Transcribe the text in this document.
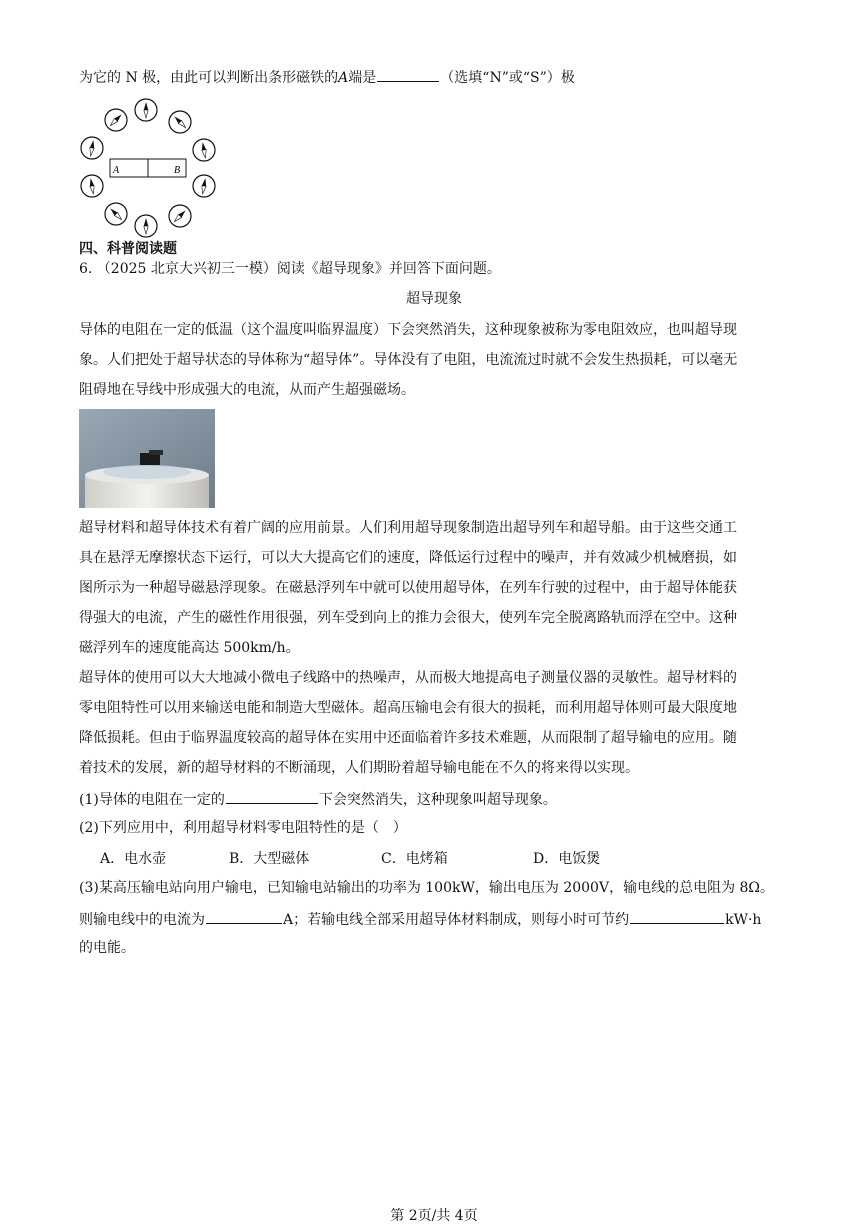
为它的 N 极，由此可以判断出条形磁铁的A端是	（选填“N”或“S”）极
A	B
四、科普阅读题
6. （2025 北京大兴初三一模）阅读《超导现象》并回答下面问题。
超导现象
导体的电阻在一定的低温（这个温度叫临界温度）下会突然消失，这种现象被称为零电阻效应，也叫超导现
象。人们把处于超导状态的导体称为“超导体”。导体没有了电阻，电流流过时就不会发生热损耗，可以毫无
阻碍地在导线中形成强大的电流，从而产生超强磁场。
超导材料和超导体技术有着广阔的应用前景。人们利用超导现象制造出超导列车和超导船。由于这些交通工
具在悬浮无摩擦状态下运行，可以大大提高它们的速度，降低运行过程中的噪声，并有效减少机械磨损，如
图所示为一种超导磁悬浮现象。在磁悬浮列车中就可以使用超导体，在列车行驶的过程中，由于超导体能获
得强大的电流，产生的磁性作用很强，列车受到向上的推力会很大，使列车完全脱离路轨而浮在空中。这种
磁浮列车的速度能高达 500km/h。
超导体的使用可以大大地减小微电子线路中的热噪声，从而极大地提高电子测量仪器的灵敏性。超导材料的
零电阻特性可以用来输送电能和制造大型磁体。超高压输电会有很大的损耗，而利用超导体则可最大限度地
降低损耗。但由于临界温度较高的超导体在实用中还面临着许多技术难题，从而限制了超导输电的应用。随
着技术的发展，新的超导材料的不断涌现，人们期盼着超导输电能在不久的将来得以实现。
(1)导体的电阻在一定的	下会突然消失，这种现象叫超导现象。
(2)下列应用中，利用超导材料零电阻特性的是（　）
A．电水壶	B．大型磁体	C．电烤箱	D．电饭煲
(3)某高压输电站向用户输电，已知输电站输出的功率为 100kW，输出电压为 2000V，输电线的总电阻为 8Ω。
则输电线中的电流为	A；若输电线全部采用超导体材料制成，则每小时可节约	kW·h
的电能。
第 2页/共 4页
